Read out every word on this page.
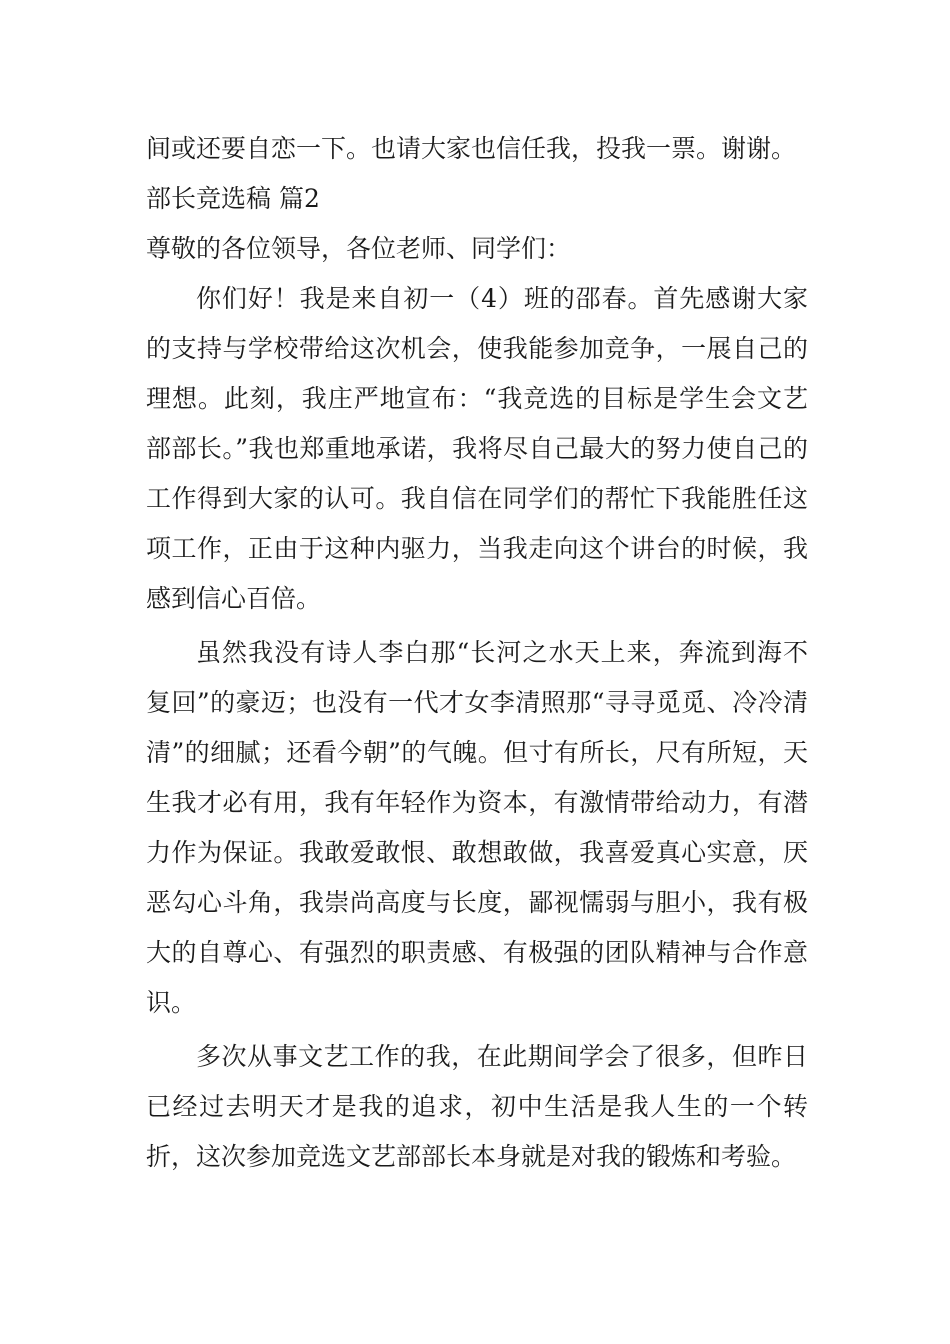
间或还要自恋一下。也请大家也信任我，投我一票。谢谢。

部长竞选稿 篇2

尊敬的各位领导，各位老师、同学们：

你们好！我是来自初一（4）班的邵春。首先感谢大家的支持与学校带给这次机会，使我能参加竞争，一展自己的理想。此刻，我庄严地宣布：“我竞选的目标是学生会文艺部部长。”我也郑重地承诺，我将尽自己最大的努力使自己的工作得到大家的认可。我自信在同学们的帮忙下我能胜任这项工作，正由于这种内驱力，当我走向这个讲台的时候，我感到信心百倍。

虽然我没有诗人李白那“长河之水天上来，奔流到海不复回”的豪迈；也没有一代才女李清照那“寻寻觅觅、冷冷清清”的细腻；还看今朝”的气魄。但寸有所长，尺有所短，天生我才必有用，我有年轻作为资本，有激情带给动力，有潜力作为保证。我敢爱敢恨、敢想敢做，我喜爱真心实意，厌恶勾心斗角，我崇尚高度与长度，鄙视懦弱与胆小，我有极大的自尊心、有强烈的职责感、有极强的团队精神与合作意识。

多次从事文艺工作的我，在此期间学会了很多，但昨日已经过去明天才是我的追求，初中生活是我人生的一个转折，这次参加竞选文艺部部长本身就是对我的锻炼和考验。
